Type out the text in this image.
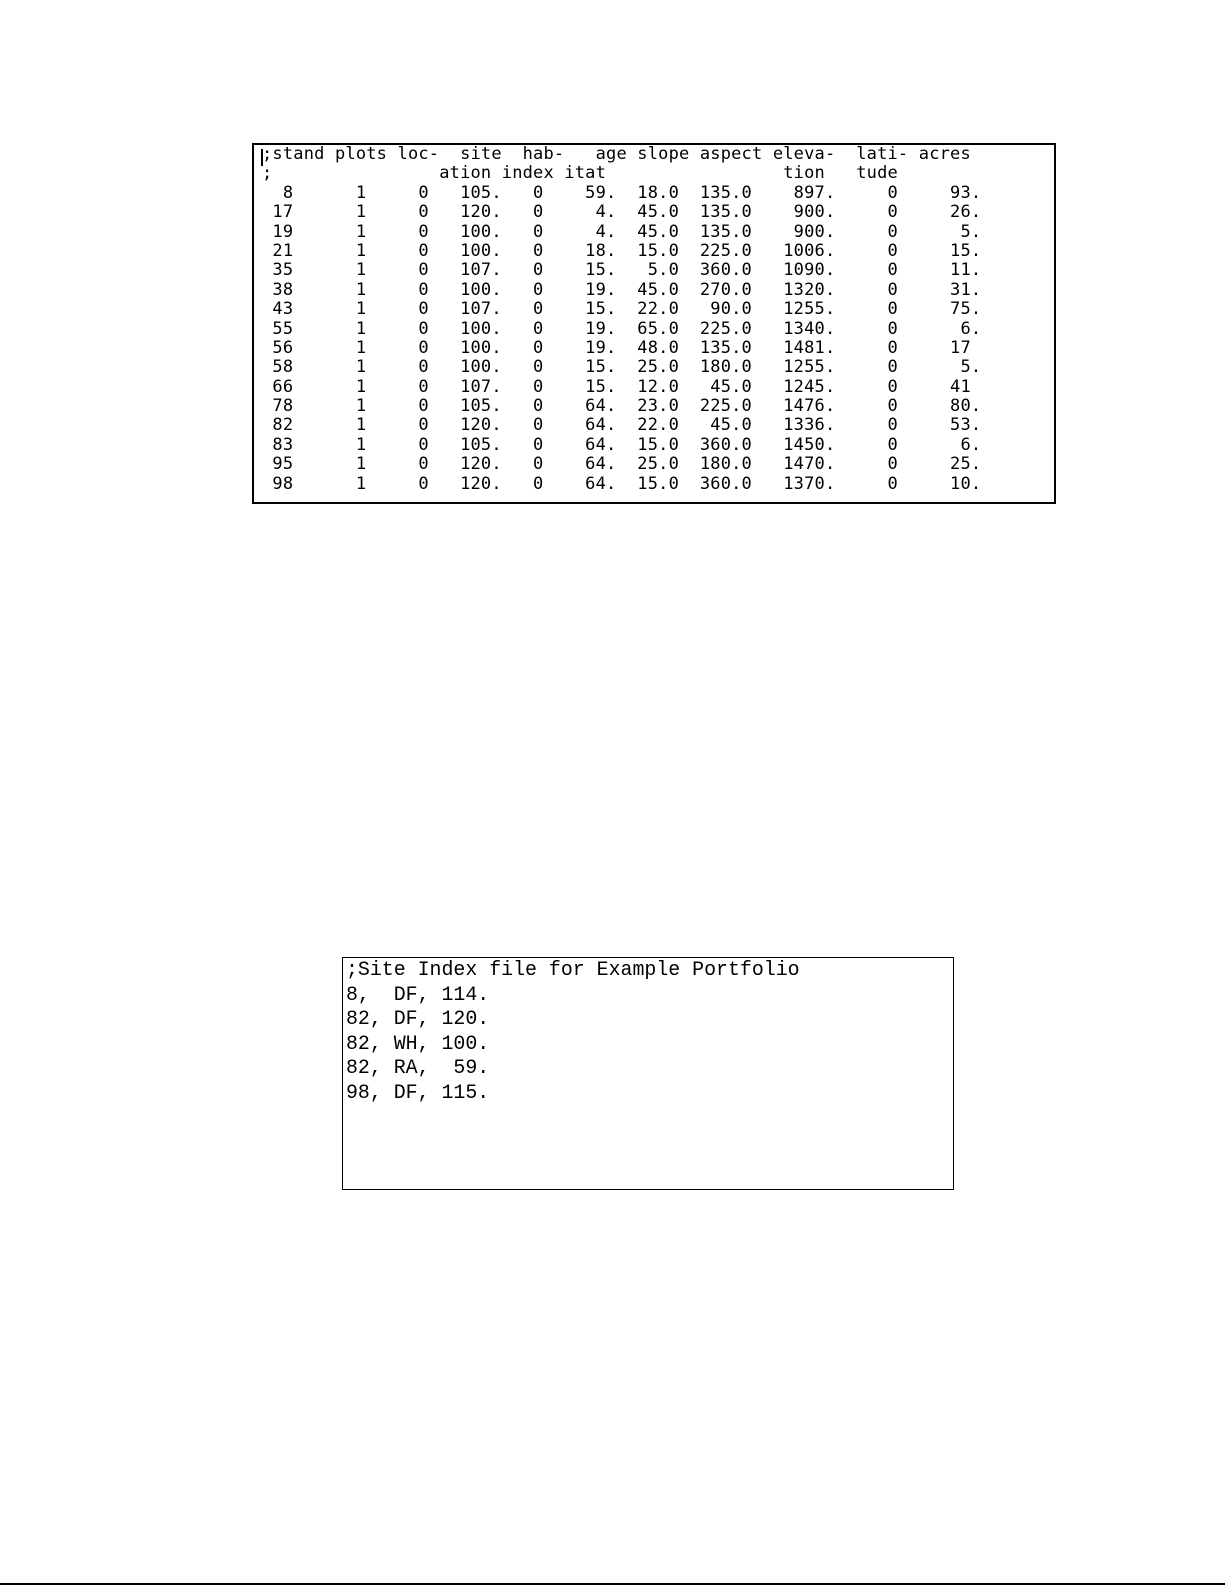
;stand plots loc-  site  hab-   age slope aspect eleva-  lati- acres
;                ation index itat                 tion   tude
8      1     0   105.   0    59.  18.0  135.0    897.     0     93.
17      1     0   120.   0     4.  45.0  135.0    900.     0     26.
19      1     0   100.   0     4.  45.0  135.0    900.     0      5.
21      1     0   100.   0    18.  15.0  225.0   1006.     0     15.
35      1     0   107.   0    15.   5.0  360.0   1090.     0     11.
38      1     0   100.   0    19.  45.0  270.0   1320.     0     31.
43      1     0   107.   0    15.  22.0   90.0   1255.     0     75.
55      1     0   100.   0    19.  65.0  225.0   1340.     0      6.
56      1     0   100.   0    19.  48.0  135.0   1481.     0     17
58      1     0   100.   0    15.  25.0  180.0   1255.     0      5.
66      1     0   107.   0    15.  12.0   45.0   1245.     0     41
78      1     0   105.   0    64.  23.0  225.0   1476.     0     80.
82      1     0   120.   0    64.  22.0   45.0   1336.     0     53.
83      1     0   105.   0    64.  15.0  360.0   1450.     0      6.
95      1     0   120.   0    64.  25.0  180.0   1470.     0     25.
98      1     0   120.   0    64.  15.0  360.0   1370.     0     10.
;Site Index file for Example Portfolio
8,  DF, 114.
82, DF, 120.
82, WH, 100.
82, RA,  59.
98, DF, 115.
